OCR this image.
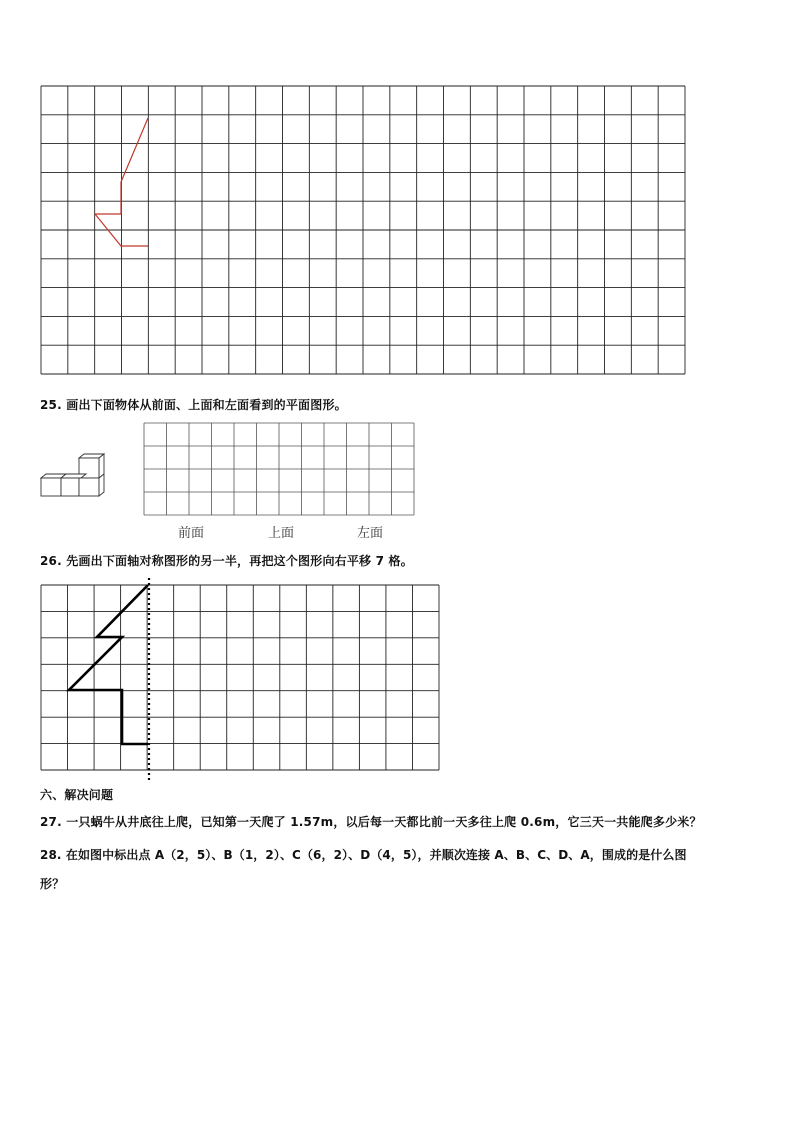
25. 画出下面物体从前面、上面和左面看到的平面图形。
前面	上面	左面
26. 先画出下面轴对称图形的另一半，再把这个图形向右平移 7 格。
六、解决问题
27. 一只蜗牛从井底往上爬，已知第一天爬了 1.57m，以后每一天都比前一天多往上爬 0.6m，它三天一共能爬多少米？
28. 在如图中标出点 A（2，5）、B（1，2）、C（6，2）、D（4，5），并顺次连接 A、B、C、D、A，围成的是什么图
形？
